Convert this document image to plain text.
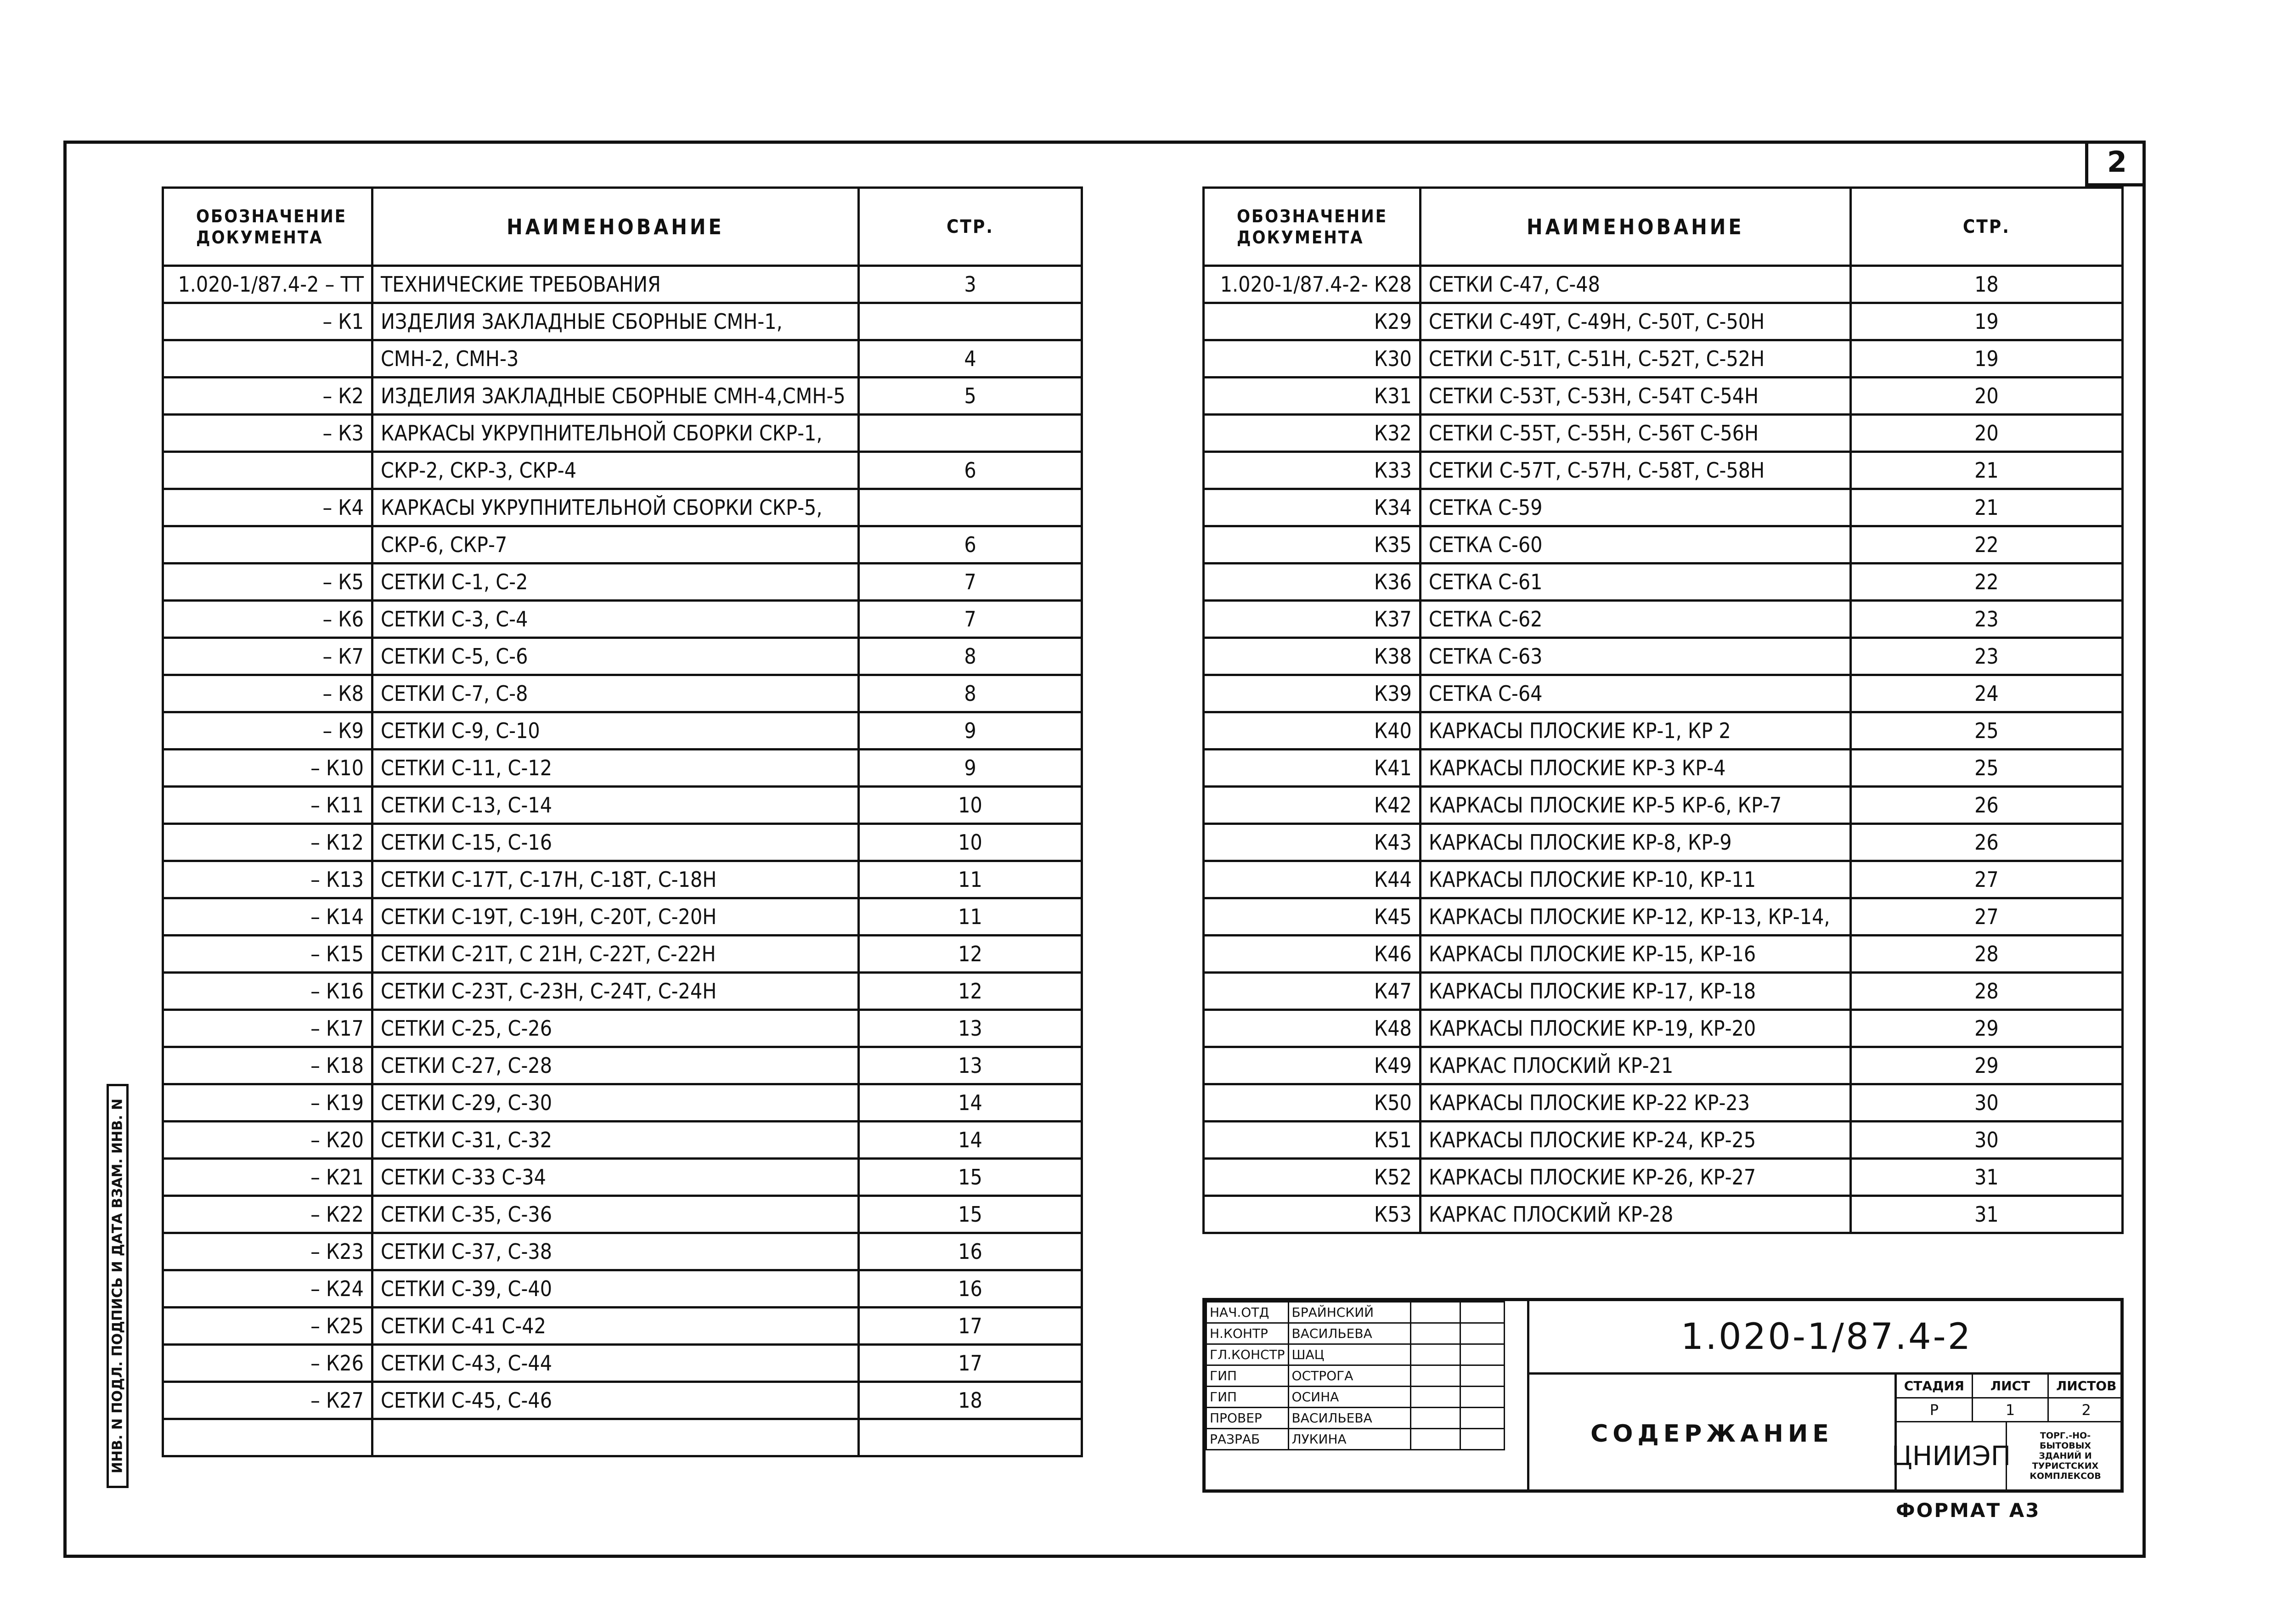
2
ОБОЗНАЧЕНИЕ
ДОКУМЕНТА	НАИМЕНОВАНИЕ	СТР.
1.020-1/87.4-2 – ТТ	ТЕХНИЧЕСКИЕ ТРЕБОВАНИЯ	3
– К1	ИЗДЕЛИЯ ЗАКЛАДНЫЕ СБОРНЫЕ СМН-1,	
	СМН-2, СМН-3	4
– К2	ИЗДЕЛИЯ ЗАКЛАДНЫЕ СБОРНЫЕ СМН-4,СМН-5	5
– К3	КАРКАСЫ УКРУПНИТЕЛЬНОЙ СБОРКИ СКР-1,	
	СКР-2, СКР-3, СКР-4	6
– К4	КАРКАСЫ УКРУПНИТЕЛЬНОЙ СБОРКИ СКР-5,	
	СКР-6, СКР-7	6
– К5	СЕТКИ С-1, С-2	7
– К6	СЕТКИ С-3, С-4	7
– К7	СЕТКИ С-5, С-6	8
– К8	СЕТКИ С-7, С-8	8
– К9	СЕТКИ С-9, С-10	9
– К10	СЕТКИ С-11, С-12	9
– К11	СЕТКИ С-13, С-14	10
– К12	СЕТКИ С-15, С-16	10
– К13	СЕТКИ С-17Т, С-17Н, С-18Т, С-18Н	11
– К14	СЕТКИ С-19Т, С-19Н, С-20Т, С-20Н	11
– К15	СЕТКИ С-21Т, С 21Н, С-22Т, С-22Н	12
– К16	СЕТКИ С-23Т, С-23Н, С-24Т, С-24Н	12
– К17	СЕТКИ С-25, С-26	13
– К18	СЕТКИ С-27, С-28	13
– К19	СЕТКИ С-29, С-30	14
– К20	СЕТКИ С-31, С-32	14
– К21	СЕТКИ С-33 С-34	15
– К22	СЕТКИ С-35, С-36	15
– К23	СЕТКИ С-37, С-38	16
– К24	СЕТКИ С-39, С-40	16
– К25	СЕТКИ С-41 С-42	17
– К26	СЕТКИ С-43, С-44	17
– К27	СЕТКИ С-45, С-46	18

ОБОЗНАЧЕНИЕ
ДОКУМЕНТА	НАИМЕНОВАНИЕ	СТР.
1.020-1/87.4-2- К28	СЕТКИ С-47, С-48	18
К29	СЕТКИ С-49Т, С-49Н, С-50Т, С-50Н	19
К30	СЕТКИ С-51Т, С-51Н, С-52Т, С-52Н	19
К31	СЕТКИ С-53Т, С-53Н, С-54Т С-54Н	20
К32	СЕТКИ С-55Т, С-55Н, С-56Т С-56Н	20
К33	СЕТКИ С-57Т, С-57Н, С-58Т, С-58Н	21
К34	СЕТКА С-59	21
К35	СЕТКА С-60	22
К36	СЕТКА С-61	22
К37	СЕТКА С-62	23
К38	СЕТКА С-63	23
К39	СЕТКА С-64	24
К40	КАРКАСЫ ПЛОСКИЕ КР-1, КР 2	25
К41	КАРКАСЫ ПЛОСКИЕ КР-3 КР-4	25
К42	КАРКАСЫ ПЛОСКИЕ КР-5 КР-6, КР-7	26
К43	КАРКАСЫ ПЛОСКИЕ КР-8, КР-9	26
К44	КАРКАСЫ ПЛОСКИЕ КР-10, КР-11	27
К45	КАРКАСЫ ПЛОСКИЕ КР-12, КР-13, КР-14,	27
К46	КАРКАСЫ ПЛОСКИЕ КР-15, КР-16	28
К47	КАРКАСЫ ПЛОСКИЕ КР-17, КР-18	28
К48	КАРКАСЫ ПЛОСКИЕ КР-19, КР-20	29
К49	КАРКАС ПЛОСКИЙ КР-21	29
К50	КАРКАСЫ ПЛОСКИЕ КР-22 КР-23	30
К51	КАРКАСЫ ПЛОСКИЕ КР-24, КР-25	30
К52	КАРКАСЫ ПЛОСКИЕ КР-26, КР-27	31
К53	КАРКАС ПЛОСКИЙ КР-28	31
ИНВ. N ПОДЛ. ПОДПИСЬ И ДАТА ВЗАМ. ИНВ. N	НАЧ.ОТД	БРАЙНСКИЙ		
Н.КОНТР	ВАСИЛЬЕВА		
ГЛ.КОНСТР	ШАЦ		
ГИП	ОСТРОГА		
ГИП	ОСИНА		
ПРОВЕР	ВАСИЛЬЕВА		
РАЗРАБ	ЛУКИНА		
1.020-1/87.4-2
СОДЕРЖАНИЕ
СТАДИЯ	ЛИСТ	ЛИСТОВ
Р	1	2
ЦНИИЭП
ТОРГ.-НО-
БЫТОВЫХ
ЗДАНИЙ И
ТУРИСТСКИХ
КОМПЛЕКСОВ
ФОРМАТ А3
